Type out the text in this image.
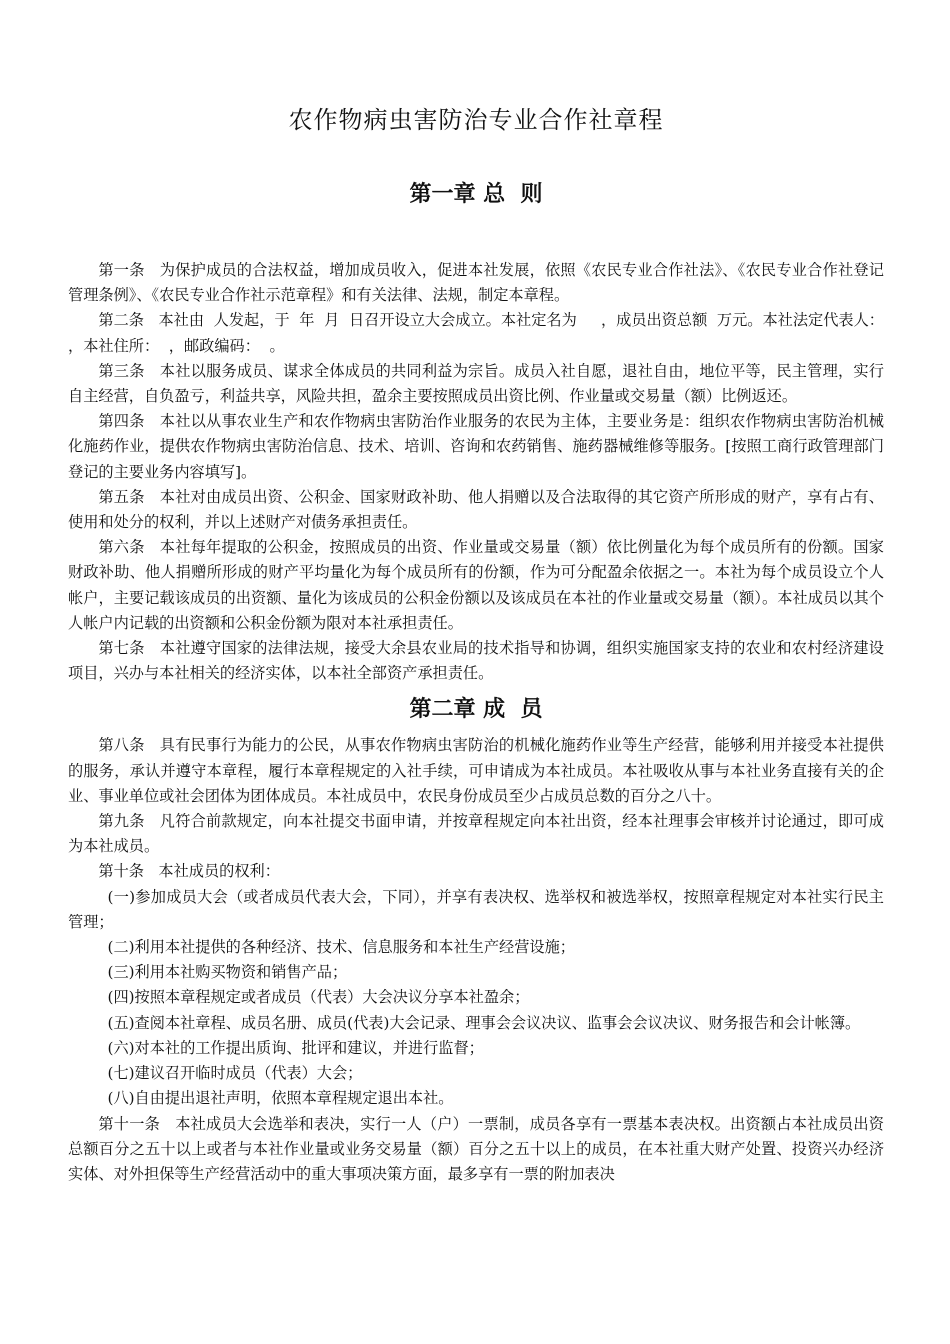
农作物病虫害防治专业合作社章程
第一章 总  则

第一条   为保护成员的合法权益，增加成员收入，促进本社发展，依照《农民专业合作社法》、《农民专业合作社登记管理条例》、《农民专业合作社示范章程》和有关法律、法规，制定本章程。

第二条   本社由  人发起，于  年  月  日召开设立大会成立。本社定名为     ，成员出资总额  万元。本社法定代表人：   ，本社住所：  ，邮政编码：  。

第三条   本社以服务成员、谋求全体成员的共同利益为宗旨。成员入社自愿，退社自由，地位平等，民主管理，实行自主经营，自负盈亏，利益共享，风险共担，盈余主要按照成员出资比例、作业量或交易量（额）比例返还。

第四条   本社以从事农业生产和农作物病虫害防治作业服务的农民为主体，主要业务是：组织农作物病虫害防治机械化施药作业，提供农作物病虫害防治信息、技术、培训、咨询和农药销售、施药器械维修等服务。[按照工商行政管理部门登记的主要业务内容填写]。

第五条   本社对由成员出资、公积金、国家财政补助、他人捐赠以及合法取得的其它资产所形成的财产，享有占有、使用和处分的权利，并以上述财产对债务承担责任。

第六条   本社每年提取的公积金，按照成员的出资、作业量或交易量（额）依比例量化为每个成员所有的份额。国家财政补助、他人捐赠所形成的财产平均量化为每个成员所有的份额，作为可分配盈余依据之一。本社为每个成员设立个人帐户，主要记载该成员的出资额、量化为该成员的公积金份额以及该成员在本社的作业量或交易量（额）。本社成员以其个人帐户内记载的出资额和公积金份额为限对本社承担责任。

第七条   本社遵守国家的法律法规，接受大余县农业局的技术指导和协调，组织实施国家支持的农业和农村经济建设项目，兴办与本社相关的经济实体，以本社全部资产承担责任。

第二章 成  员

第八条   具有民事行为能力的公民，从事农作物病虫害防治的机械化施药作业等生产经营，能够利用并接受本社提供的服务，承认并遵守本章程，履行本章程规定的入社手续，可申请成为本社成员。本社吸收从事与本社业务直接有关的企业、事业单位或社会团体为团体成员。本社成员中，农民身份成员至少占成员总数的百分之八十。

第九条   凡符合前款规定，向本社提交书面申请，并按章程规定向本社出资，经本社理事会审核并讨论通过，即可成为本社成员。

第十条   本社成员的权利：

(一)参加成员大会（或者成员代表大会，下同），并享有表决权、选举权和被选举权，按照章程规定对本社实行民主管理；

(二)利用本社提供的各种经济、技术、信息服务和本社生产经营设施；

(三)利用本社购买物资和销售产品；

(四)按照本章程规定或者成员（代表）大会决议分享本社盈余；

(五)查阅本社章程、成员名册、成员(代表)大会记录、理事会会议决议、监事会会议决议、财务报告和会计帐簿。

(六)对本社的工作提出质询、批评和建议，并进行监督；

(七)建议召开临时成员（代表）大会；

(八)自由提出退社声明，依照本章程规定退出本社。

第十一条   本社成员大会选举和表决，实行一人（户）一票制，成员各享有一票基本表决权。出资额占本社成员出资总额百分之五十以上或者与本社作业量或业务交易量（额）百分之五十以上的成员，在本社重大财产处置、投资兴办经济实体、对外担保等生产经营活动中的重大事项决策方面，最多享有一票的附加表决
